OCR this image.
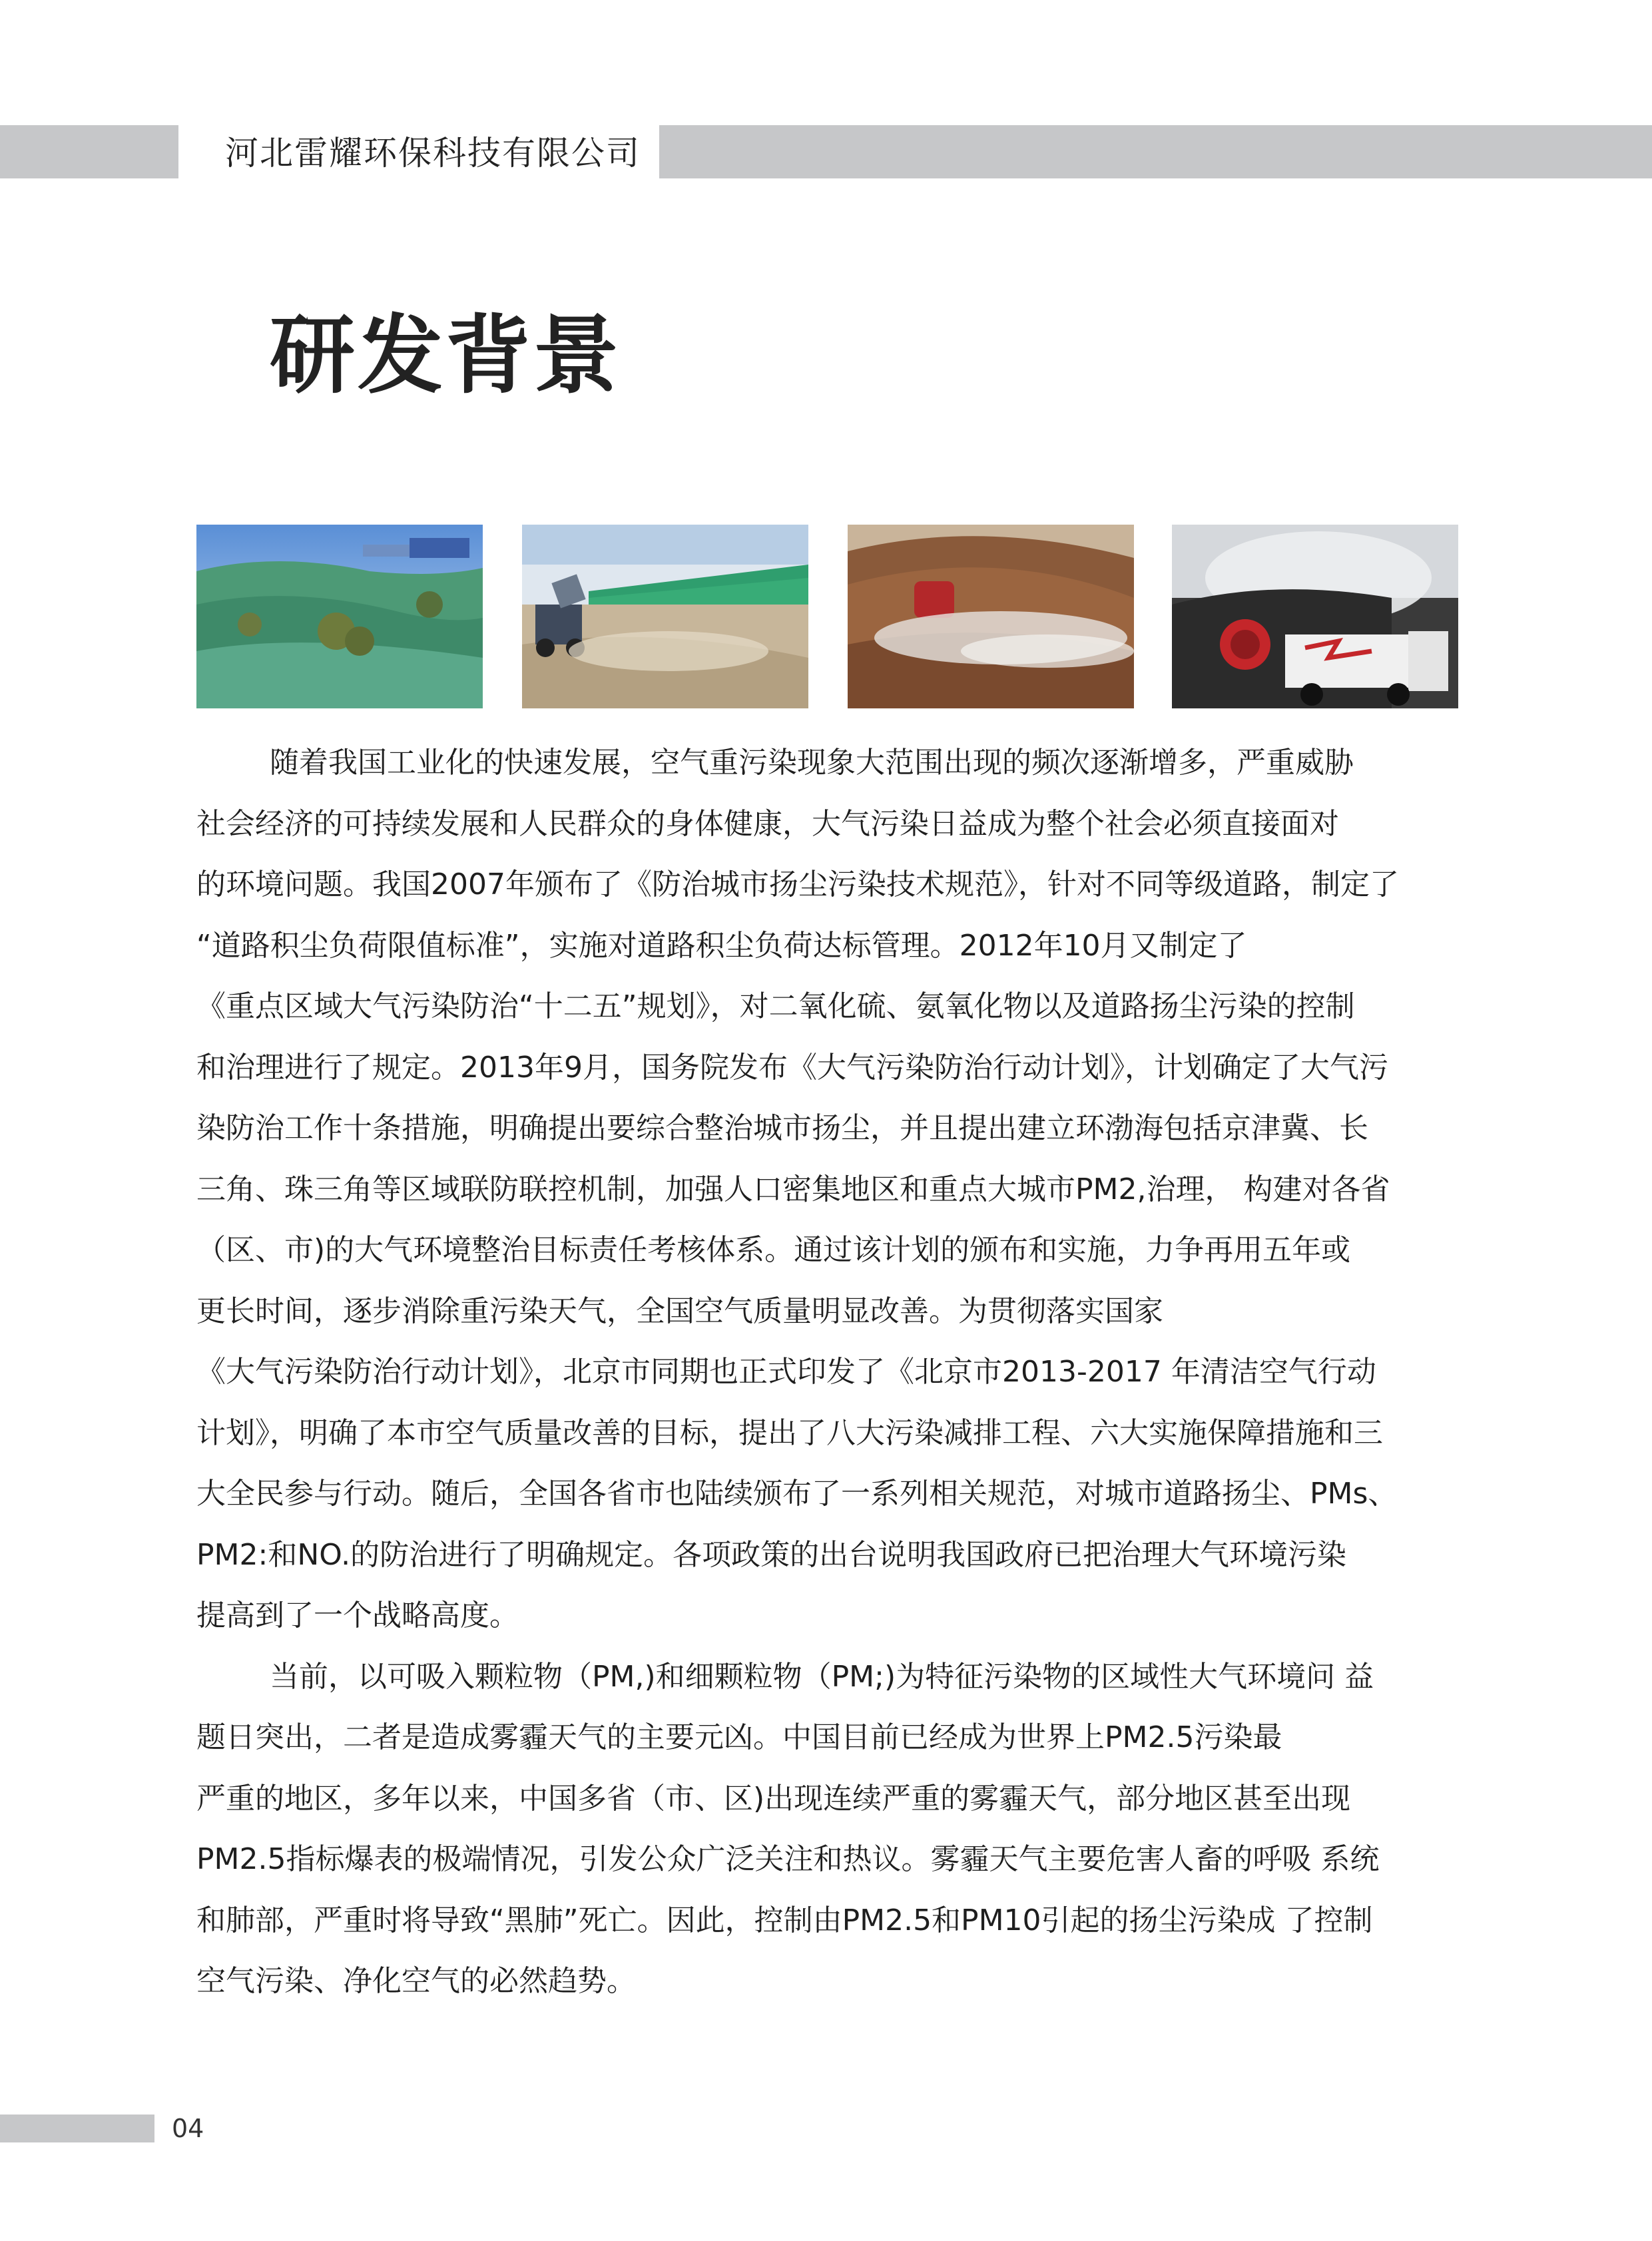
河北雷耀环保科技有限公司
研发背景
随着我国工业化的快速发展，空气重污染现象大范围出现的频次逐渐增多，严重威胁
社会经济的可持续发展和人民群众的身体健康，大气污染日益成为整个社会必须直接面对
的环境问题。我国2007年颁布了《防治城市扬尘污染技术规范》，针对不同等级道路，制定了
“道路积尘负荷限值标准”，实施对道路积尘负荷达标管理。2012年10月又制定了
《重点区域大气污染防治“十二五”规划》，对二氧化硫、氨氧化物以及道路扬尘污染的控制
和治理进行了规定。2013年9月，国务院发布《大气污染防治行动计划》，计划确定了大气污
染防治工作十条措施，明确提出要综合整治城市扬尘，并且提出建立环渤海包括京津冀、长
三角、珠三角等区域联防联控机制，加强人口密集地区和重点大城市PM2,治理， 构建对各省
（区、市)的大气环境整治目标责任考核体系。通过该计划的颁布和实施，力争再用五年或
更长时间，逐步消除重污染天气，全国空气质量明显改善。为贯彻落实国家
《大气污染防治行动计划》，北京市同期也正式印发了《北京市2013-2017 年清洁空气行动
计划》，明确了本市空气质量改善的目标，提出了八大污染减排工程、六大实施保障措施和三
大全民参与行动。随后，全国各省市也陆续颁布了一系列相关规范，对城市道路扬尘、PMs、
PM2:和NO.的防治进行了明确规定。各项政策的出台说明我国政府已把治理大气环境污染
提高到了一个战略高度。
当前，以可吸入颗粒物（PM,)和细颗粒物（PM;)为特征污染物的区域性大气环境问 益
题日突出，二者是造成雾霾天气的主要元凶。中国目前已经成为世界上PM2.5污染最
严重的地区，多年以来，中国多省（市、区)出现连续严重的雾霾天气，部分地区甚至出现
PM2.5指标爆表的极端情况，引发公众广泛关注和热议。雾霾天气主要危害人畜的呼吸 系统
和肺部，严重时将导致“黑肺”死亡。因此，控制由PM2.5和PM10引起的扬尘污染成 了控制
空气污染、净化空气的必然趋势。
04
